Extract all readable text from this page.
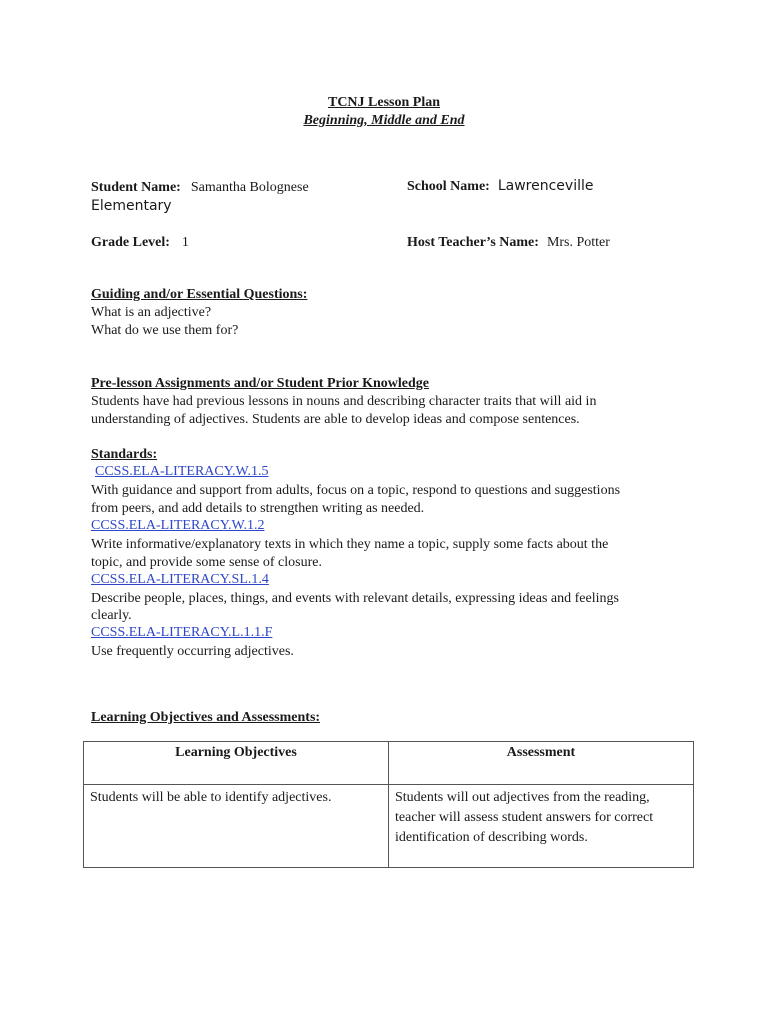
TCNJ Lesson Plan
Beginning, Middle and End
Student Name: Samantha Bolognese	School Name: Lawrenceville
Elementary
Grade Level: 1	Host Teacher’s Name: Mrs. Potter
Guiding and/or Essential Questions:
What is an adjective?
What do we use them for?
Pre-lesson Assignments and/or Student Prior Knowledge
Students have had previous lessons in nouns and describing character traits that will aid in
understanding of adjectives. Students are able to develop ideas and compose sentences.
Standards:
CCSS.ELA-LITERACY.W.1.5
With guidance and support from adults, focus on a topic, respond to questions and suggestions
from peers, and add details to strengthen writing as needed.
CCSS.ELA-LITERACY.W.1.2
Write informative/explanatory texts in which they name a topic, supply some facts about the
topic, and provide some sense of closure.
CCSS.ELA-LITERACY.SL.1.4
Describe people, places, things, and events with relevant details, expressing ideas and feelings
clearly.
CCSS.ELA-LITERACY.L.1.1.F
Use frequently occurring adjectives.
Learning Objectives and Assessments:
Learning Objectives	Assessment
Students will be able to identify adjectives.	Students will out adjectives from the reading,
teacher will assess student answers for correct
identification of describing words.
